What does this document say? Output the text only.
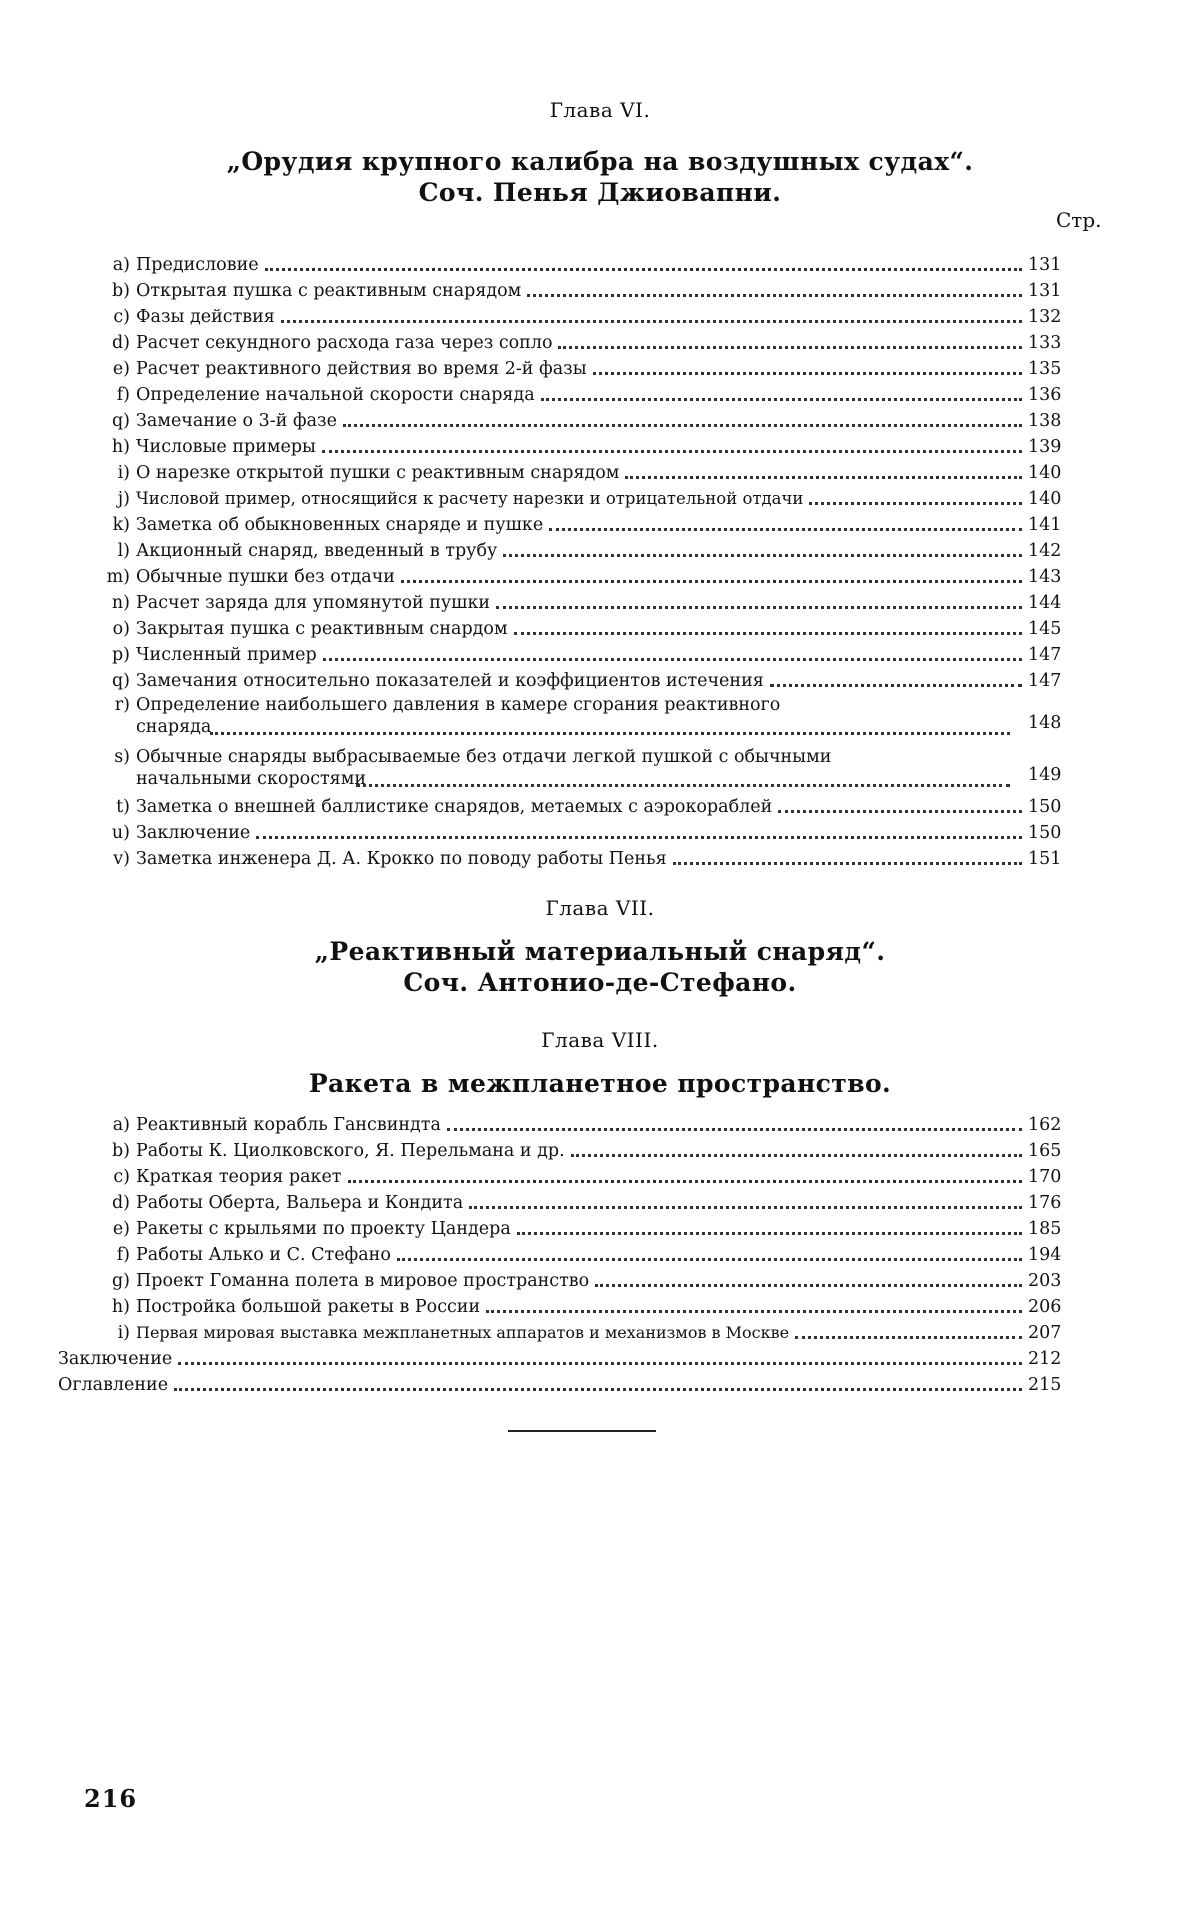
Глава VI.
„Орудия крупного калибра на воздушных судах“.
Соч. Пенья Джиовапни.
Стр.
a) Предисловие	131
b) Открытая пушка с реактивным снарядом	131
c) Фазы действия	132
d) Расчет секундного расхода газа через сопло	133
e) Расчет реактивного действия во время 2-й фазы	135
f) Определение начальной скорости снаряда	136
q) Замечание о 3-й фазе	138
h) Числовые примеры	139
i) О нарезке открытой пушки с реактивным снарядом	140
j) Числовой пример, относящийся к расчету нарезки и отрицательной отдачи	140
k) Заметка об обыкновенных снаряде и пушке	141
l) Акционный снаряд, введенный в трубу	142
m) Обычные пушки без отдачи	143
n) Расчет заряда для упомянутой пушки	144
o) Закрытая пушка с реактивным снардом	145
p) Численный пример	147
q) Замечания относительно показателей и коэффициентов истечения	147
r) Определение наибольшего давления в камере сгорания реактивного
снаряда	148
s) Обычные снаряды выбрасываемые без отдачи легкой пушкой с обычными
начальными скоростями	149
t) Заметка о внешней баллистике снарядов, метаемых с аэрокораблей	150
u) Заключение	150
v) Заметка инженера Д. А. Крокко по поводу работы Пенья	151
Глава VII.
„Реактивный материальный снаряд“.
Соч. Антонио-де-Стефано.
Глава VIII.
Ракета в межпланетное пространство.
a) Реактивный корабль Гансвиндта	162
b) Работы К. Циолковского, Я. Перельмана и др.	165
c) Краткая теория ракет	170
d) Работы Оберта, Вальера и Кондита	176
e) Ракеты с крыльями по проекту Цандера	185
f) Работы Алько и С. Стефано	194
g) Проект Гоманна полета в мировое пространство	203
h) Постройка большой ракеты в России	206
i) Первая мировая выставка межпланетных аппаратов и механизмов в Москве	207
Заключение	212
Оглавление	215
216
